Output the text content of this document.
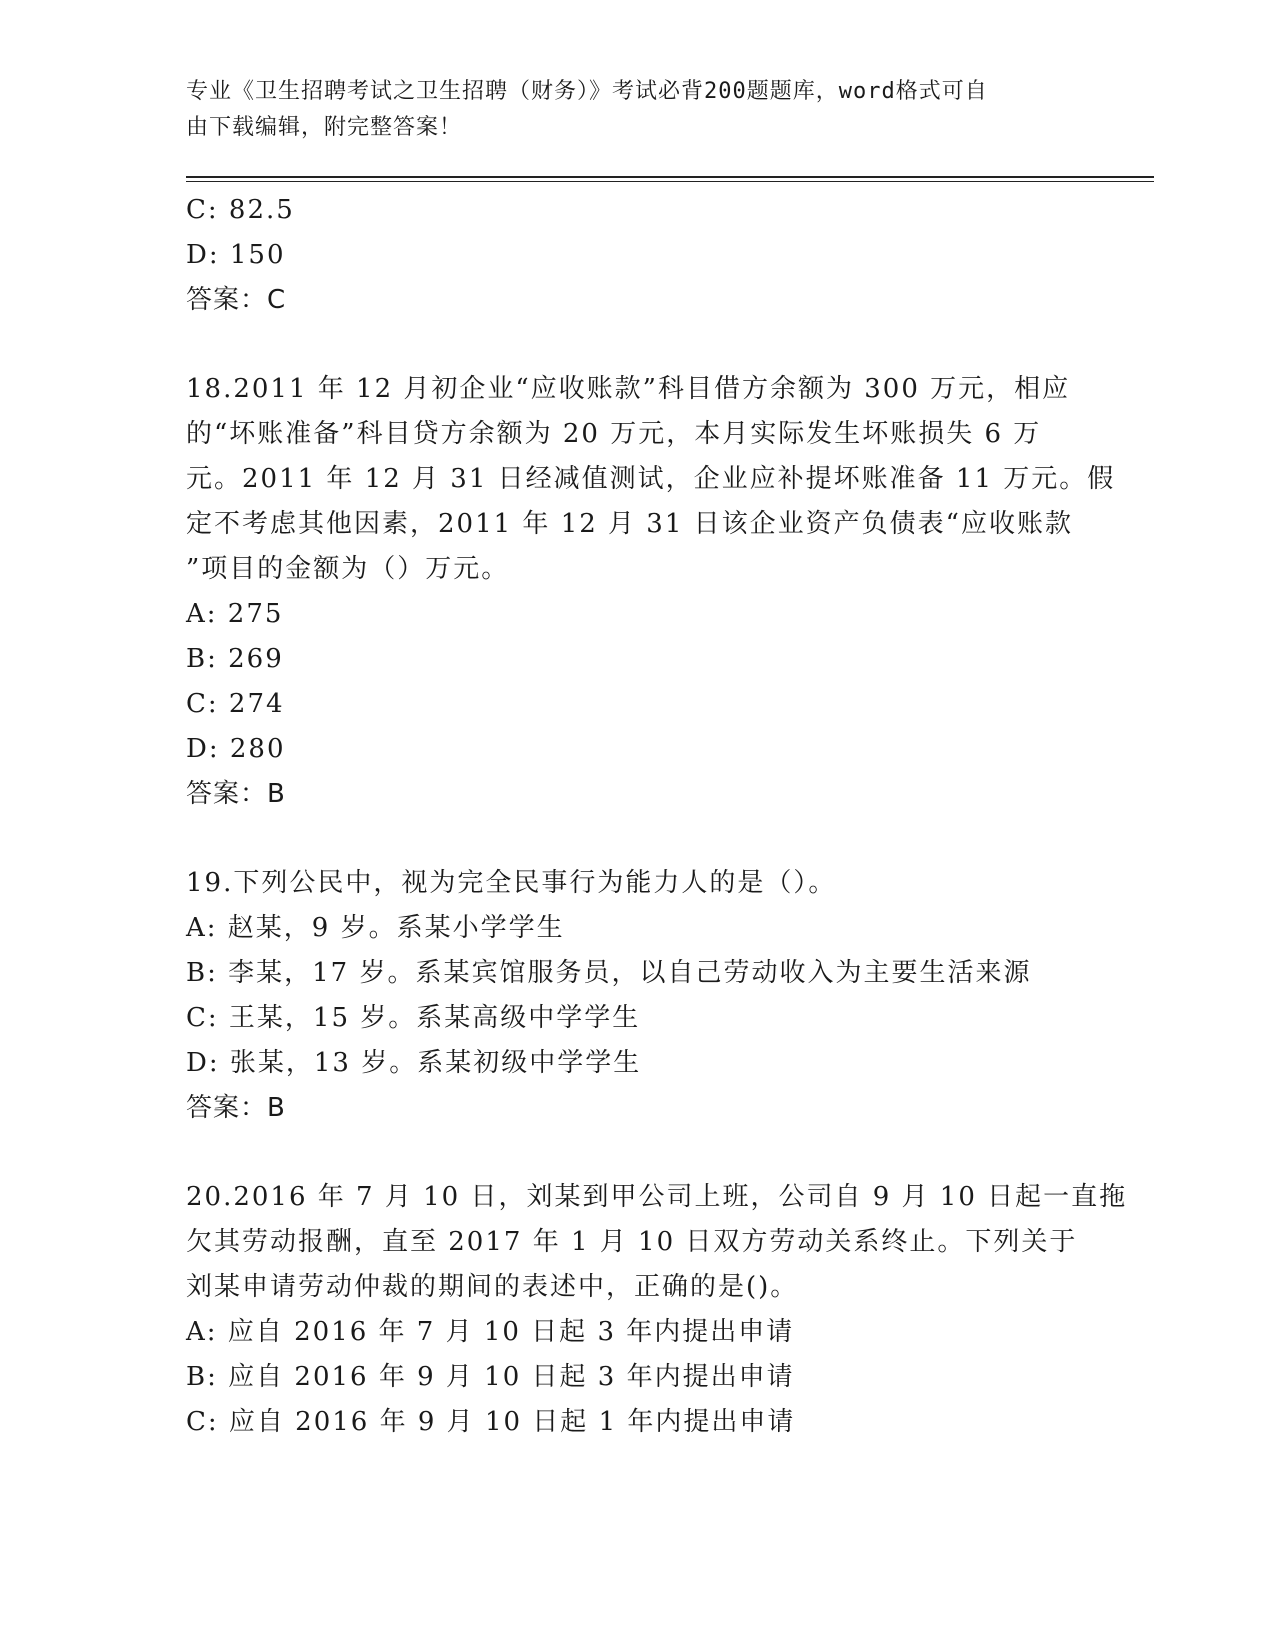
专业《卫生招聘考试之卫生招聘（财务）》考试必背200题题库，word格式可自
由下载编辑，附完整答案！
C: 82.5
D: 150
答案：C
18.2011 年 12 月初企业“应收账款”科目借方余额为 300 万元，相应
的“坏账准备”科目贷方余额为 20 万元，本月实际发生坏账损失 6 万
元。2011 年 12 月 31 日经减值测试，企业应补提坏账准备 11 万元。假
定不考虑其他因素，2011 年 12 月 31 日该企业资产负债表“应收账款
”项目的金额为（）万元。
A: 275
B: 269
C: 274
D: 280
答案：B
19.下列公民中，视为完全民事行为能力人的是（）。
A: 赵某，9 岁。系某小学学生
B: 李某，17 岁。系某宾馆服务员，以自己劳动收入为主要生活来源
C: 王某，15 岁。系某高级中学学生
D: 张某，13 岁。系某初级中学学生
答案：B
20.2016 年 7 月 10 日，刘某到甲公司上班，公司自 9 月 10 日起一直拖
欠其劳动报酬，直至 2017 年 1 月 10 日双方劳动关系终止。下列关于
刘某申请劳动仲裁的期间的表述中，正确的是()。
A: 应自 2016 年 7 月 10 日起 3 年内提出申请
B: 应自 2016 年 9 月 10 日起 3 年内提出申请
C: 应自 2016 年 9 月 10 日起 1 年内提出申请
